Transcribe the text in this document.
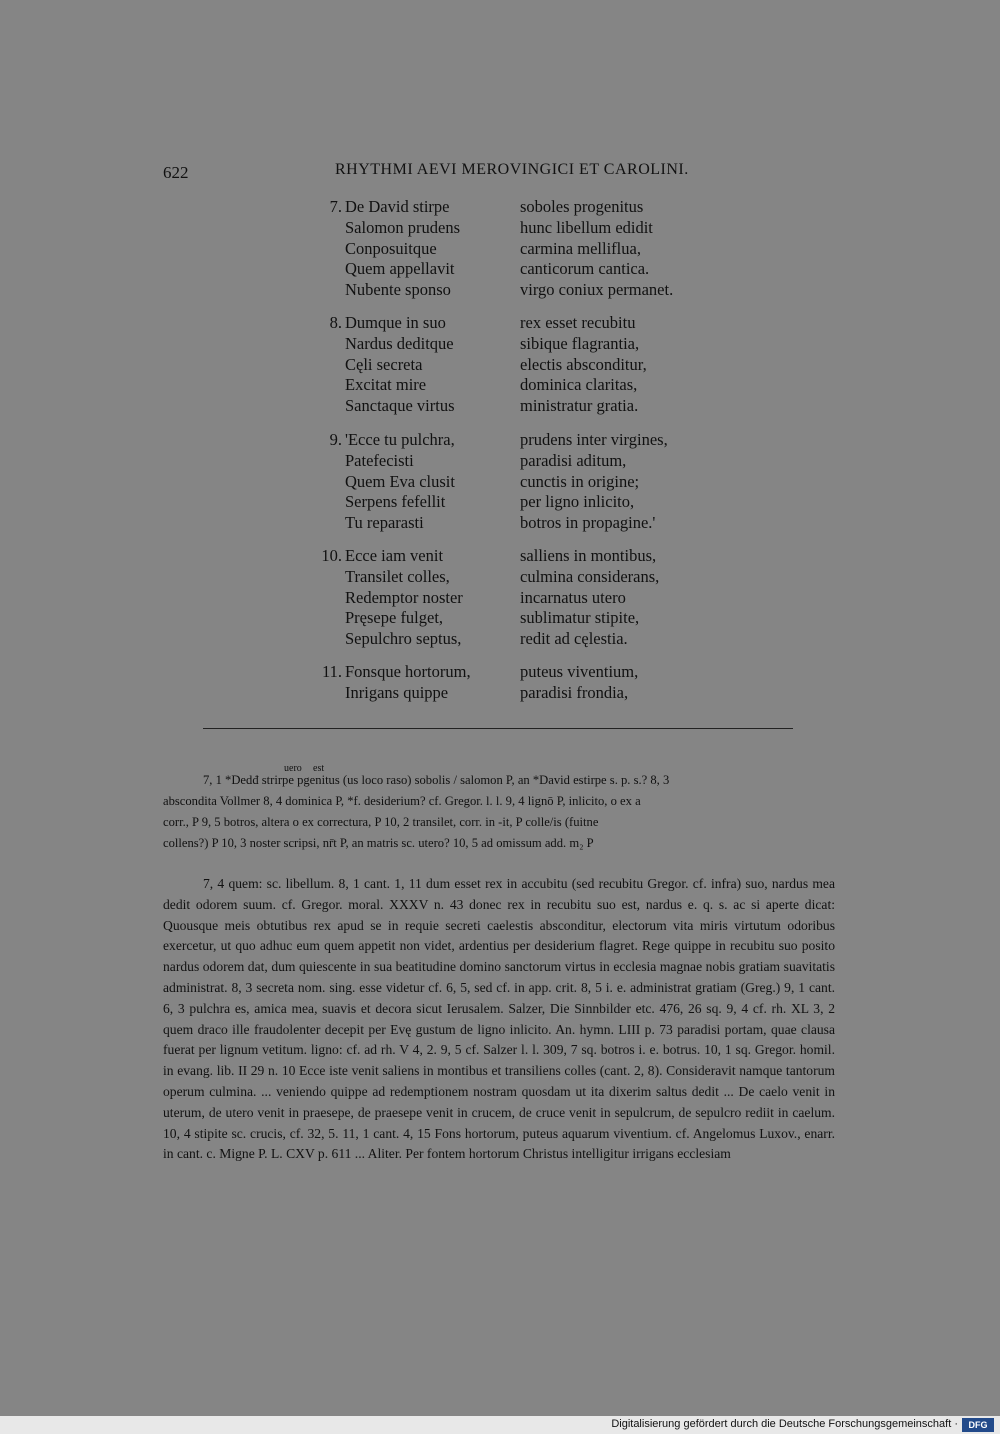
622	RHYTHMI AEVI MEROVINGICI ET CAROLINI.
7. De David stirpe	soboles progenitus
Salomon prudens	hunc libellum edidit
Conposuitque	carmina melliflua,
Quem appellavit	canticorum cantica.
Nubente sponso	virgo coniux permanet.
8. Dumque in suo	rex esset recubitu
Nardus deditque	sibique flagrantia,
Cęli secreta	electis absconditur,
Excitat mire	dominica claritas,
Sanctaque virtus	ministratur gratia.
9. 'Ecce tu pulchra,	prudens inter virgines,
Patefecisti	paradisi aditum,
Quem Eva clusit	cunctis in origine;
Serpens fefellit	per ligno inlicito,
Tu reparasti	botros in propagine.'
10. Ecce iam venit	salliens in montibus,
Transilet colles,	culmina considerans,
Redemptor noster	incarnatus utero
Pręsepe fulget,	sublimatur stipite,
Sepulchro septus,	redit ad cęlestia.
11. Fonsque hortorum,	puteus viventium,
Inrigans quippe	paradisi frondia,
uero est

7, 1 *Dedđ strirpe pgenitus (us loco raso) sobolis / salomon P, an *David estirpe s. p. s.? 8, 3

abscondita Vollmer 8, 4 dominica P, *f. desiderium? cf. Gregor. l. l. 9, 4 lignō P, inlicito, o ex a

corr., P 9, 5 botros, altera o ex correctura, P 10, 2 transilet, corr. in -it, P colle/is (fuitne

collens?) P 10, 3 noster scripsi, nr̄t P, an matris sc. utero? 10, 5 ad omissum add. m₂ P

7, 4 quem: sc. libellum. 8, 1 cant. 1, 11 dum esset rex in accubitu (sed recubitu Gregor. cf. infra) suo, nardus mea dedit odorem suum. cf. Gregor. moral. XXXV n. 43 donec rex in recubitu suo est, nardus e. q. s. ac si aperte dicat: Quousque meis obtutibus rex apud se in requie secreti caelestis absconditur, electorum vita miris virtutum odoribus exercetur, ut quo adhuc eum quem appetit non videt, ardentius per desiderium flagret. Rege quippe in recubitu suo posito nardus odorem dat, dum quiescente in sua beatitudine domino sanctorum virtus in ecclesia magnae nobis gratiam suavitatis administrat. 8, 3 secreta nom. sing. esse videtur cf. 6, 5, sed cf. in app. crit. 8, 5 i. e. administrat gratiam (Greg.) 9, 1 cant. 6, 3 pulchra es, amica mea, suavis et decora sicut Ierusalem. Salzer, Die Sinnbilder etc. 476, 26 sq. 9, 4 cf. rh. XL 3, 2 quem draco ille fraudolenter decepit per Evę gustum de ligno inlicito. An. hymn. LIII p. 73 paradisi portam, quae clausa fuerat per lignum vetitum. ligno: cf. ad rh. V 4, 2. 9, 5 cf. Salzer l. l. 309, 7 sq. botros i. e. botrus. 10, 1 sq. Gregor. homil. in evang. lib. II 29 n. 10 Ecce iste venit saliens in montibus et transiliens colles (cant. 2, 8). Consideravit namque tantorum operum culmina. ... veniendo quippe ad redemptionem nostram quosdam ut ita dixerim saltus dedit ... De caelo venit in uterum, de utero venit in praesepe, de praesepe venit in crucem, de cruce venit in sepulcrum, de sepulcro rediit in caelum. 10, 4 stipite sc. crucis, cf. 32, 5. 11, 1 cant. 4, 15 Fons hortorum, puteus aquarum viventium. cf. Angelomus Luxov., enarr. in cant. c. Migne P. L. CXV p. 611 ... Aliter. Per fontem hortorum Christus intelligitur irrigans ecclesiam

Digitalisierung gefördert durch die Deutsche Forschungsgemeinschaft ·	DFG
